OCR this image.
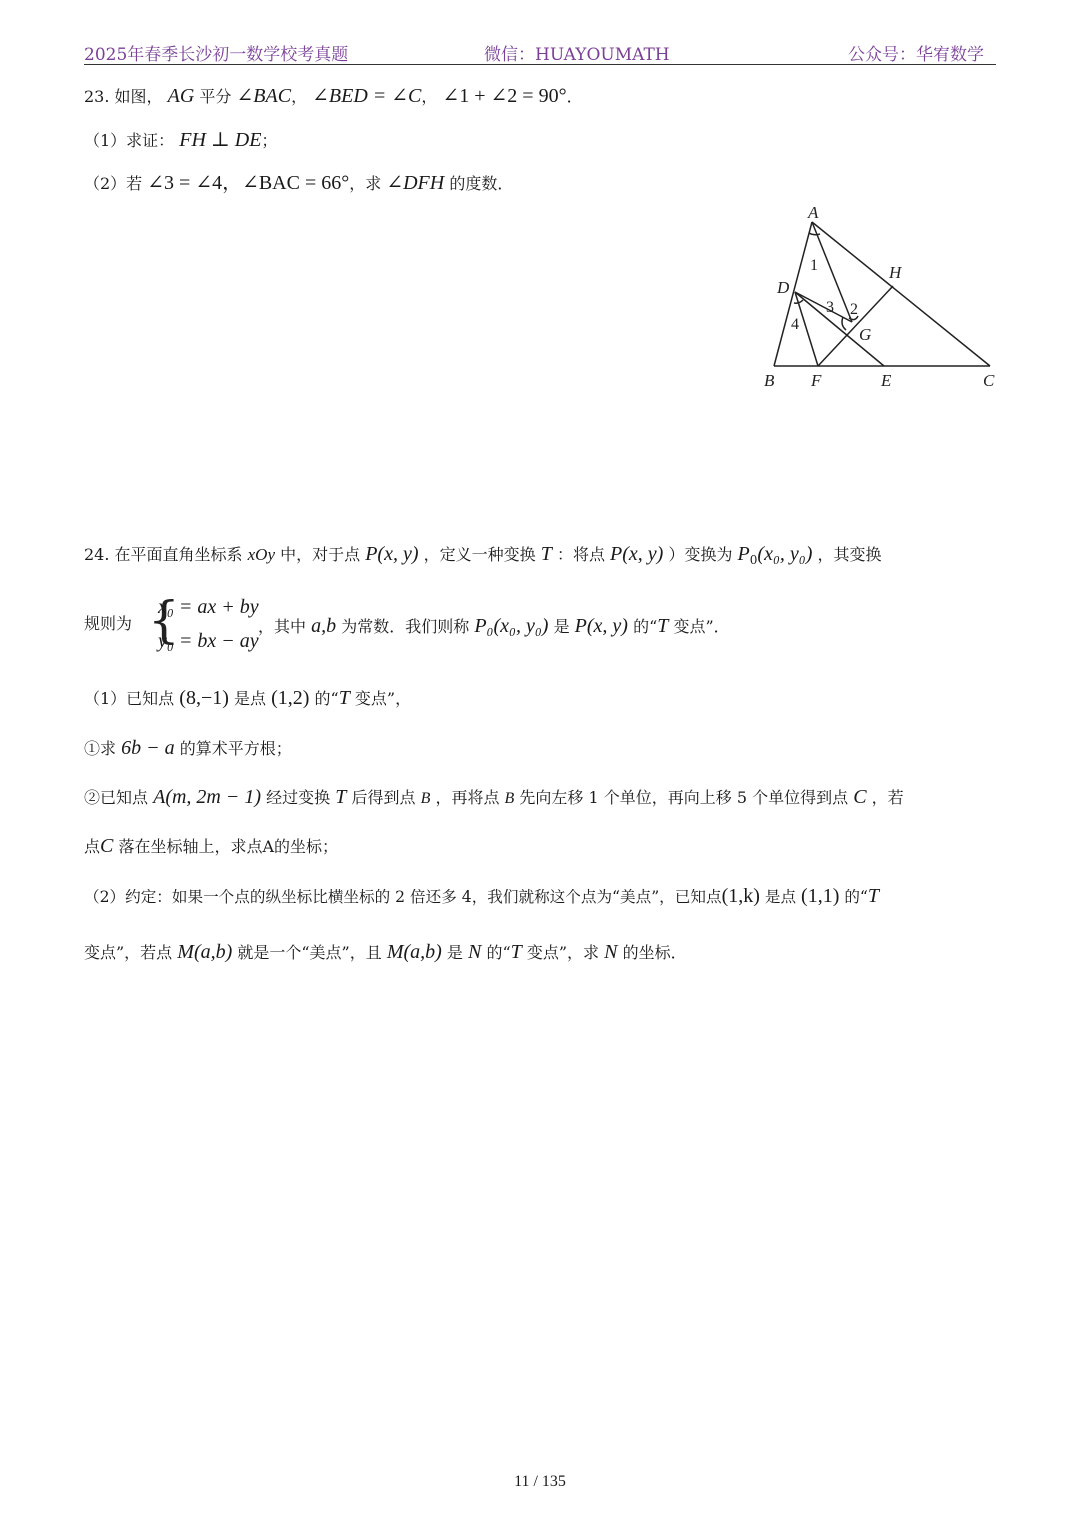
2025年春季长沙初一数学校考真题	微信：HUAYOUMATH	公众号：华宥数学
23. 如图， AG 平分 ∠BAC， ∠BED = ∠C， ∠1 + ∠2 = 90°．
（1）求证： FH ⊥ DE；
（2）若 ∠3 = ∠4，∠BAC = 66°，求 ∠DFH 的度数．
A
B	C
D
E
F
G
H
1
2
3
4
24. 在平面直角坐标系 xOy 中，对于点 P(x, y) ，定义一种变换 T ：将点 P(x, y) ）变换为 $P_0(x_0$, y₀) ，其变换
规则为 {
x₀ = ax + by
y₀ = bx − ay
，其中 a,b 为常数．我们则称 P₀(x₀, y₀) 是 P(x, y) 的“T 变点”．
（1）已知点 (8,−1) 是点 (1,2) 的“T 变点”，
①求 6b − a 的算术平方根；
②已知点 A(m, 2m − 1) 经过变换 T 后得到点 B ，再将点 B 先向左移 1 个单位，再向上移 5 个单位得到点 C ，若
点C 落在坐标轴上，求点A的坐标；
（2）约定：如果一个点的纵坐标比横坐标的 2 倍还多 4，我们就称这个点为“美点”，已知点(1,k) 是点 (1,1) 的“T
变点”，若点 M(a,b) 就是一个“美点”，且 M(a,b) 是 N 的“T 变点”，求 N 的坐标．
11 / 135
